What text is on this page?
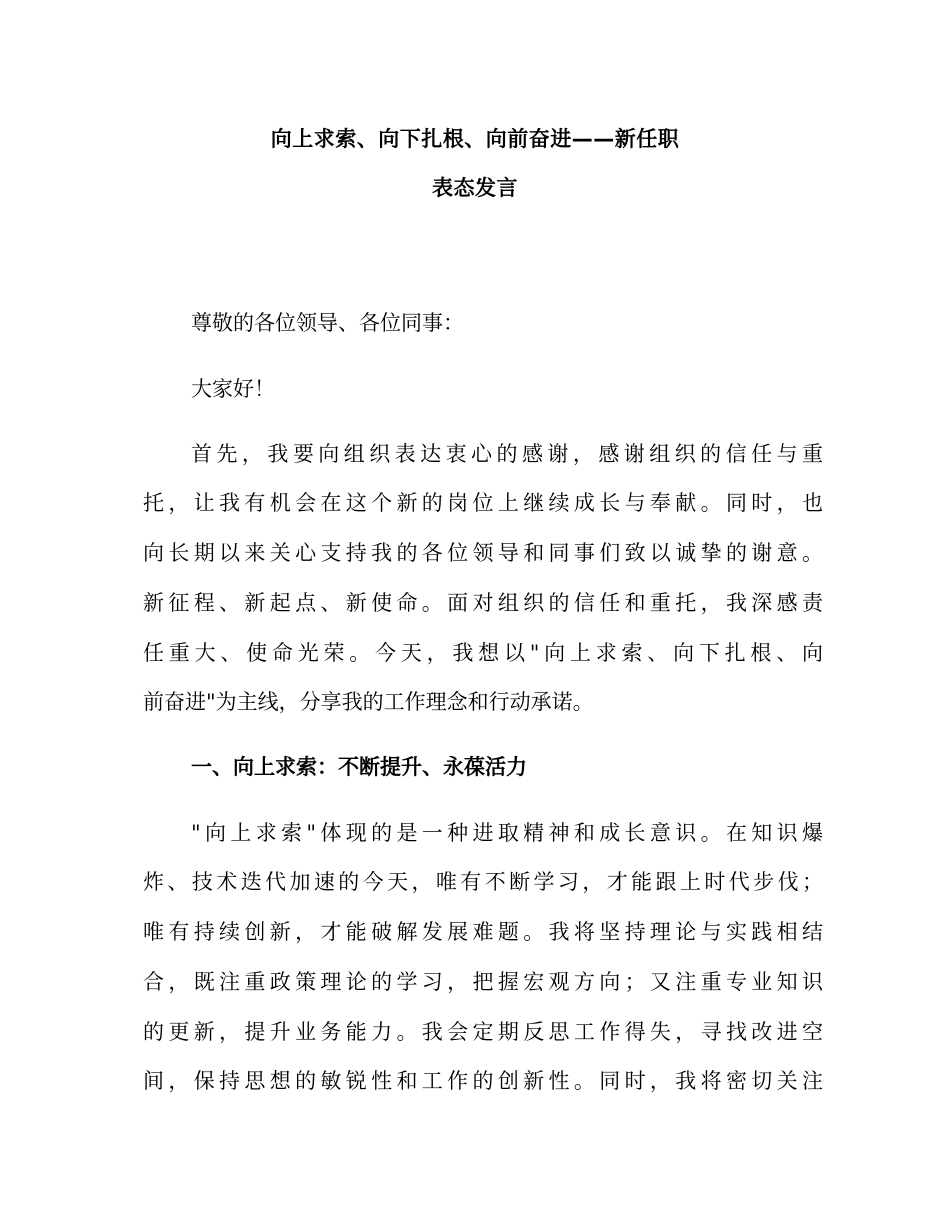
向上求索、向下扎根、向前奋进——新任职
表态发言

尊敬的各位领导、各位同事：

大家好！

首先，我要向组织表达衷心的感谢，感谢组织的信任与重

托，让我有机会在这个新的岗位上继续成长与奉献。同时，也

向长期以来关心支持我的各位领导和同事们致以诚挚的谢意。

新征程、新起点、新使命。面对组织的信任和重托，我深感责

任重大、使命光荣。今天，我想以"向上求索、向下扎根、向

前奋进"为主线，分享我的工作理念和行动承诺。

一、向上求索：不断提升、永葆活力

"向上求索"体现的是一种进取精神和成长意识。在知识爆

炸、技术迭代加速的今天，唯有不断学习，才能跟上时代步伐；

唯有持续创新，才能破解发展难题。我将坚持理论与实践相结

合，既注重政策理论的学习，把握宏观方向；又注重专业知识

的更新，提升业务能力。我会定期反思工作得失，寻找改进空

间，保持思想的敏锐性和工作的创新性。同时，我将密切关注
